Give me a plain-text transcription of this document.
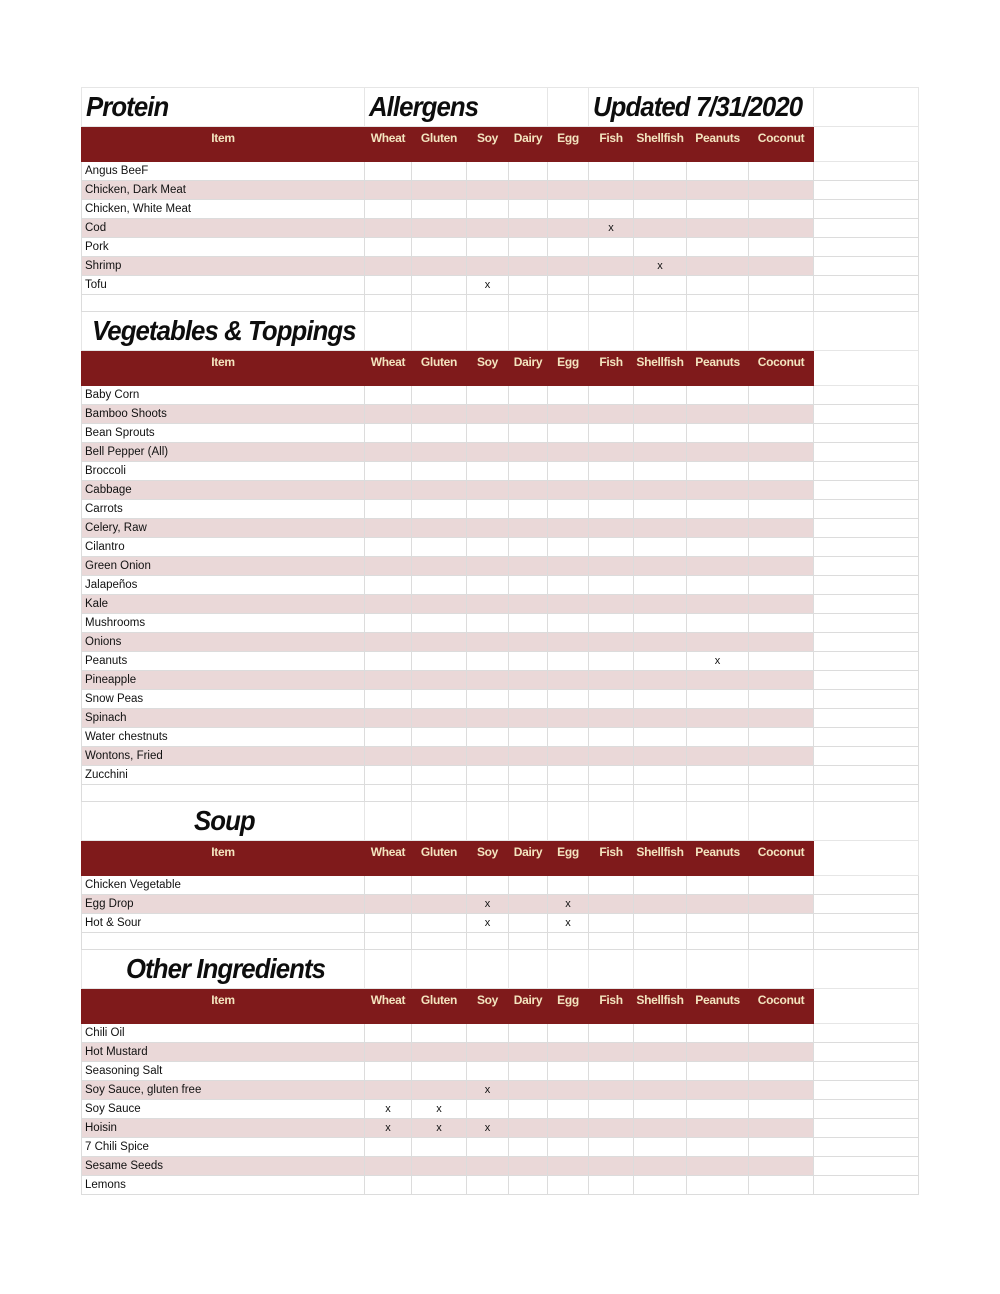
Protein	Allergens					Updated 7/31/2020				
Item	Wheat	Gluten	Soy	Dairy	Egg	Fish	Shellfish	Peanuts	Coconut	
Angus BeeF										
Chicken, Dark Meat										
Chicken, White Meat										
Cod						x				
Pork										
Shrimp							x			
Tofu			x							

Vegetables & Toppings										
Item	Wheat	Gluten	Soy	Dairy	Egg	Fish	Shellfish	Peanuts	Coconut	
Baby Corn										
Bamboo Shoots										
Bean Sprouts										
Bell Pepper (All)										
Broccoli										
Cabbage										
Carrots										
Celery, Raw										
Cilantro										
Green Onion										
Jalapeños										
Kale										
Mushrooms										
Onions										
Peanuts								x		
Pineapple										
Snow Peas										
Spinach										
Water chestnuts										
Wontons, Fried										
Zucchini										

Soup										
Item	Wheat	Gluten	Soy	Dairy	Egg	Fish	Shellfish	Peanuts	Coconut	
Chicken Vegetable										
Egg Drop			x		x					
Hot & Sour			x		x					

Other Ingredients										
Item	Wheat	Gluten	Soy	Dairy	Egg	Fish	Shellfish	Peanuts	Coconut	
Chili Oil										
Hot Mustard										
Seasoning Salt										
Soy Sauce, gluten free			x							
Soy Sauce	x	x								
Hoisin	x	x	x							
7 Chili Spice										
Sesame Seeds										
Lemons										
